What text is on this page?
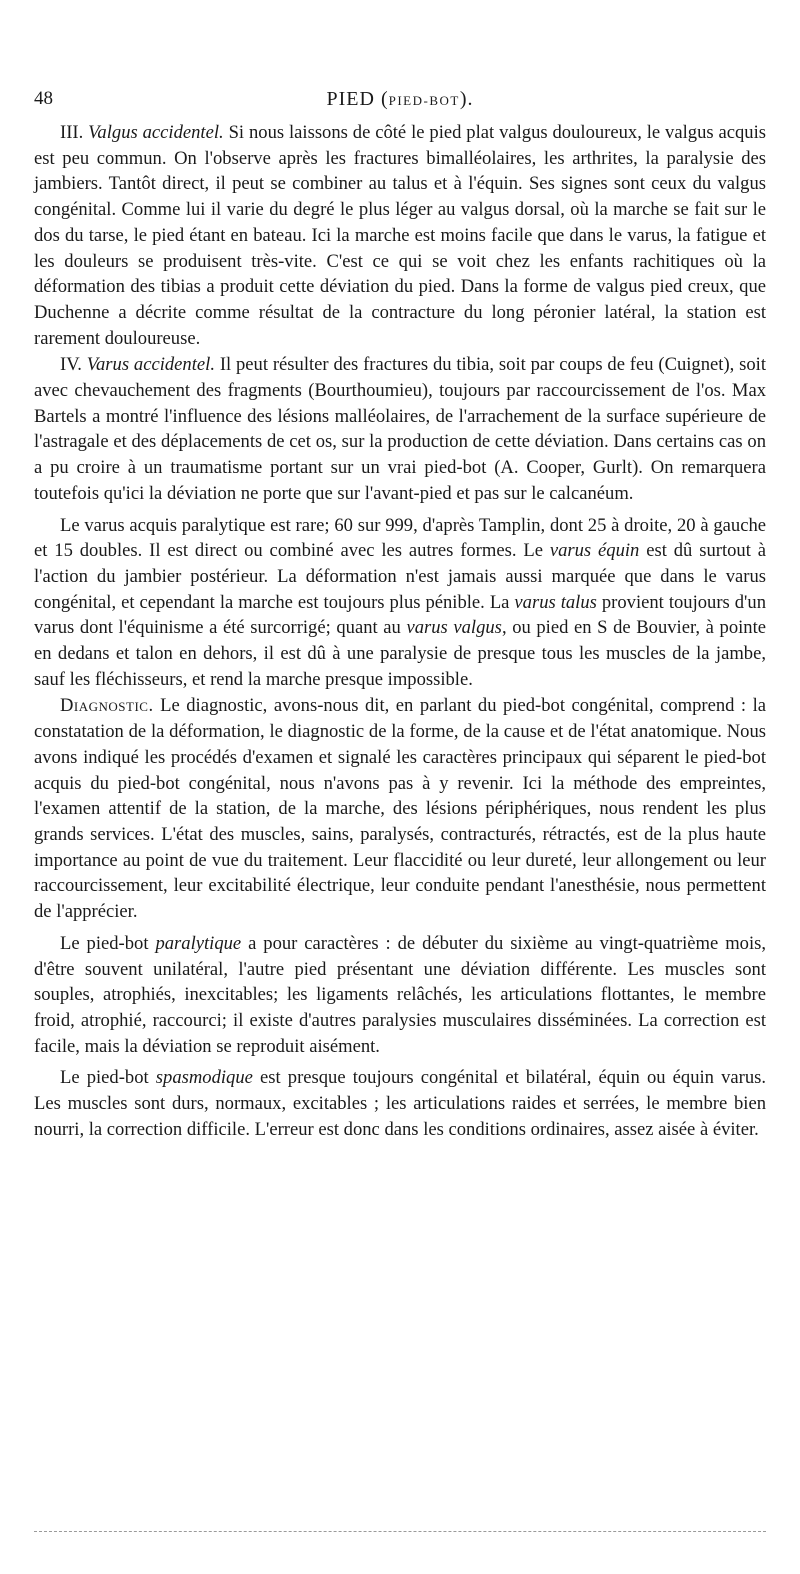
48	PIED (PIED-BOT).

III. Valgus accidentel. Si nous laissons de côté le pied plat valgus douloureux, le valgus acquis est peu commun. On l'observe après les fractures bimalléolaires, les arthrites, la paralysie des jambiers. Tantôt direct, il peut se combiner au talus et à l'équin. Ses signes sont ceux du valgus congénital. Comme lui il varie du degré le plus léger au valgus dorsal, où la marche se fait sur le dos du tarse, le pied étant en bateau. Ici la marche est moins facile que dans le varus, la fatigue et les douleurs se produisent très-vite. C'est ce qui se voit chez les enfants rachitiques où la déformation des tibias a produit cette déviation du pied. Dans la forme de valgus pied creux, que Duchenne a décrite comme résultat de la contracture du long péronier latéral, la station est rarement douloureuse.

IV. Varus accidentel. Il peut résulter des fractures du tibia, soit par coups de feu (Cuignet), soit avec chevauchement des fragments (Bourthoumieu), toujours par raccourcissement de l'os. Max Bartels a montré l'influence des lésions malléolaires, de l'arrachement de la surface supérieure de l'astragale et des déplacements de cet os, sur la production de cette déviation. Dans certains cas on a pu croire à un traumatisme portant sur un vrai pied-bot (A. Cooper, Gurlt). On remarquera toutefois qu'ici la déviation ne porte que sur l'avant-pied et pas sur le calcanéum.

Le varus acquis paralytique est rare; 60 sur 999, d'après Tamplin, dont 25 à droite, 20 à gauche et 15 doubles. Il est direct ou combiné avec les autres formes. Le varus équin est dû surtout à l'action du jambier postérieur. La déformation n'est jamais aussi marquée que dans le varus congénital, et cependant la marche est toujours plus pénible. La varus talus provient toujours d'un varus dont l'équinisme a été surcorrigé; quant au varus valgus, ou pied en S de Bouvier, à pointe en dedans et talon en dehors, il est dû à une paralysie de presque tous les muscles de la jambe, sauf les fléchisseurs, et rend la marche presque impossible.

Diagnostic. Le diagnostic, avons-nous dit, en parlant du pied-bot congénital, comprend : la constatation de la déformation, le diagnostic de la forme, de la cause et de l'état anatomique. Nous avons indiqué les procédés d'examen et signalé les caractères principaux qui séparent le pied-bot acquis du pied-bot congénital, nous n'avons pas à y revenir. Ici la méthode des empreintes, l'examen attentif de la station, de la marche, des lésions périphériques, nous rendent les plus grands services. L'état des muscles, sains, paralysés, contracturés, rétractés, est de la plus haute importance au point de vue du traitement. Leur flaccidité ou leur dureté, leur allongement ou leur raccourcissement, leur excitabilité électrique, leur conduite pendant l'anesthésie, nous permettent de l'apprécier.

Le pied-bot paralytique a pour caractères : de débuter du sixième au vingt-quatrième mois, d'être souvent unilatéral, l'autre pied présentant une déviation différente. Les muscles sont souples, atrophiés, inexcitables; les ligaments relâchés, les articulations flottantes, le membre froid, atrophié, raccourci; il existe d'autres paralysies musculaires disséminées. La correction est facile, mais la déviation se reproduit aisément.

Le pied-bot spasmodique est presque toujours congénital et bilatéral, équin ou équin varus. Les muscles sont durs, normaux, excitables ; les articulations raides et serrées, le membre bien nourri, la correction difficile. L'erreur est donc dans les conditions ordinaires, assez aisée à éviter.
